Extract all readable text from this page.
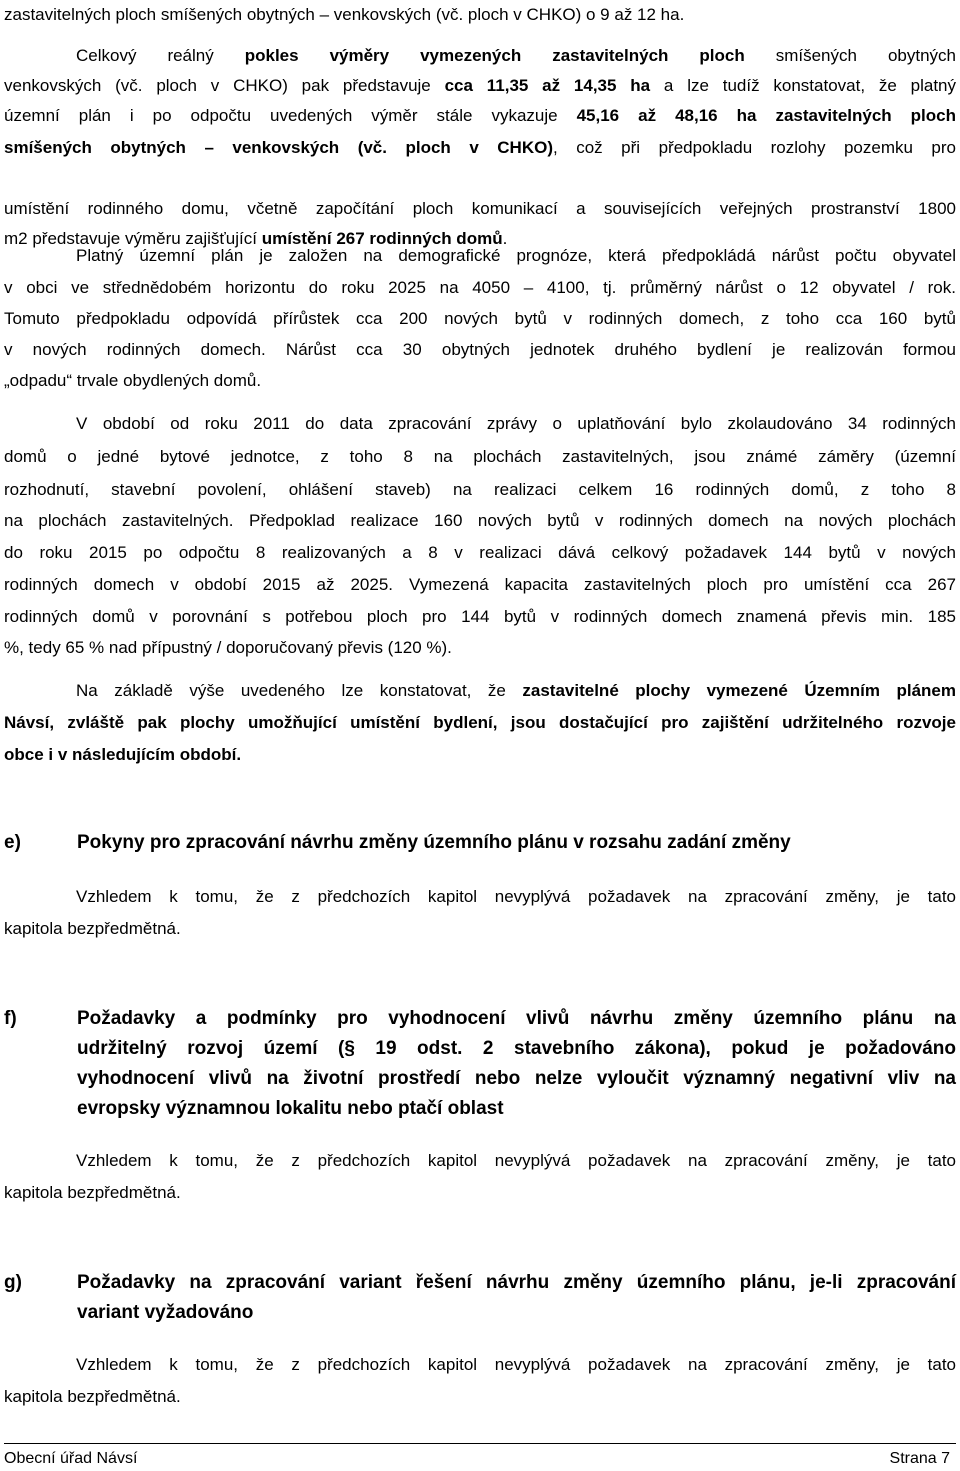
zastavitelných ploch smíšených obytných – venkovských (vč. ploch v CHKO) o 9 až 12 ha.
Celkový reálný pokles výměry vymezených zastavitelných ploch smíšených obytných
venkovských (vč. ploch v CHKO) pak představuje cca 11,35 až 14,35 ha a lze tudíž konstatovat, že platný
územní plán i po odpočtu uvedených výměr stále vykazuje 45,16 až 48,16 ha zastavitelných ploch
smíšených obytných – venkovských (vč. ploch v CHKO), což při předpokladu rozlohy pozemku pro
umístění rodinného domu, včetně započítání ploch komunikací a souvisejících veřejných prostranství 1800
m2 představuje výměru zajišťující umístění 267 rodinných domů.
Platný územní plán je založen na demografické prognóze, která předpokládá nárůst počtu obyvatel
v obci ve střednědobém horizontu do roku 2025 na 4050 – 4100, tj. průměrný nárůst o 12 obyvatel / rok.
Tomuto předpokladu odpovídá přírůstek cca 200 nových bytů v rodinných domech, z toho cca 160 bytů
v nových rodinných domech. Nárůst cca 30 obytných jednotek druhého bydlení je realizován formou
„odpadu“ trvale obydlených domů.
V období od roku 2011 do data zpracování zprávy o uplatňování bylo zkolaudováno 34 rodinných
domů o jedné bytové jednotce, z toho 8 na plochách zastavitelných, jsou známé záměry (územní
rozhodnutí, stavební povolení, ohlášení staveb) na realizaci celkem 16 rodinných domů, z toho 8
na plochách zastavitelných. Předpoklad realizace 160 nových bytů v rodinných domech na nových plochách
do roku 2015 po odpočtu 8 realizovaných a 8 v realizaci dává celkový požadavek 144 bytů v nových
rodinných domech v období 2015 až 2025. Vymezená kapacita zastavitelných ploch pro umístění cca 267
rodinných domů v porovnání s potřebou ploch pro 144 bytů v rodinných domech znamená převis min. 185
%, tedy 65 % nad přípustný / doporučovaný převis (120 %).
Na základě výše uvedeného lze konstatovat, že zastavitelné plochy vymezené Územním plánem
Návsí, zvláště pak plochy umožňující umístění bydlení, jsou dostačující pro zajištění udržitelného rozvoje
obce i v následujícím období.
e)	Pokyny pro zpracování návrhu změny územního plánu v rozsahu zadání změny
Vzhledem k tomu, že z předchozích kapitol nevyplývá požadavek na zpracování změny, je tato
kapitola bezpředmětná.
f)	Požadavky a podmínky pro vyhodnocení vlivů návrhu změny územního plánu na
udržitelný rozvoj území (§ 19 odst. 2 stavebního zákona), pokud je požadováno
vyhodnocení vlivů na životní prostředí nebo nelze vyloučit významný negativní vliv na
evropsky významnou lokalitu nebo ptačí oblast
Vzhledem k tomu, že z předchozích kapitol nevyplývá požadavek na zpracování změny, je tato
kapitola bezpředmětná.
g)	Požadavky na zpracování variant řešení návrhu změny územního plánu, je-li zpracování
variant vyžadováno
Vzhledem k tomu, že z předchozích kapitol nevyplývá požadavek na zpracování změny, je tato
kapitola bezpředmětná.
Obecní úřad Návsí	Strana 7
